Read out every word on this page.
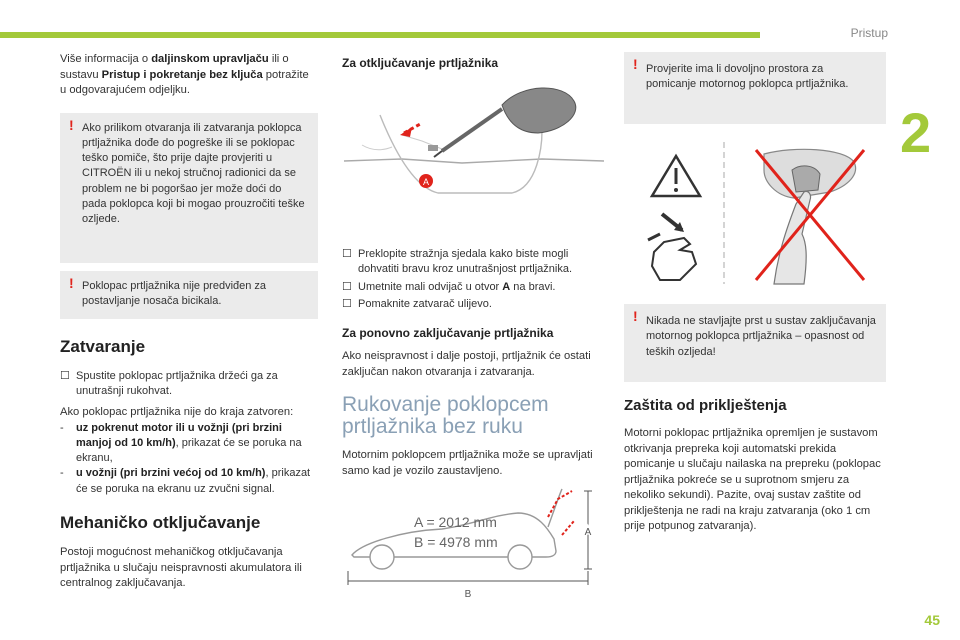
Pristup
2
45

Više informacija o daljinskom upravljaču ili o sustavu Pristup i pokretanje bez ključa potražite u odgovarajućem odjeljku.

! Ako prilikom otvaranja ili zatvaranja poklopca prtljažnika dođe do pogreške ili se poklopac teško pomiče, što prije dajte provjeriti u CITROËN ili u nekoj stručnoj radionici da se problem ne bi pogoršao jer može doći do pada poklopca koji bi mogao prouzročiti teške ozljede.
! Poklopac prtljažnika nije predviđen za postavljanje nosača bicikala.
Zatvaranje
☐ Spustite poklopac prtljažnika držeći ga za unutrašnji rukohvat.

Ako poklopac prtljažnika nije do kraja zatvoren:

- uz pokrenut motor ili u vožnji (pri brzini manjoj od 10 km/h), prikazat će se poruka na ekranu,
- u vožnji (pri brzini većoj od 10 km/h), prikazat će se poruka na ekranu uz zvučni signal.
Mehaničko otključavanje

Postoji mogućnost mehaničkog otključavanja prtljažnika u slučaju neispravnosti akumulatora ili centralnog zaključavanja.

Za otključavanje prtljažnika
A
☐ Preklopite stražnja sjedala kako biste mogli dohvatiti bravu kroz unutrašnjost prtljažnika.
☐ Umetnite mali odvijač u otvor A na bravi.
☐ Pomaknite zatvarač ulijevo.
Za ponovno zaključavanje prtljažnika

Ako neispravnost i dalje postoji, prtljažnik će ostati zaključan nakon otvaranja i zatvaranja.

Rukovanje poklopcem
prtljažnika bez ruku

Motornim poklopcem prtljažnika može se upravljati samo kad je vozilo zaustavljeno.

A
B
A = 2012 mm
B = 4978 mm
! Provjerite ima li dovoljno prostora za pomicanje motornog poklopca prtljažnika.
! Nikada ne stavljajte prst u sustav zaključavanja motornog poklopca prtljažnika – opasnost od teških ozljeda!
Zaštita od priklještenja

Motorni poklopac prtljažnika opremljen je sustavom otkrivanja prepreka koji automatski prekida pomicanje u slučaju nailaska na prepreku (poklopac prtljažnika pokreće se u suprotnom smjeru za nekoliko sekundi). Pazite, ovaj sustav zaštite od priklještenja ne radi na kraju zatvaranja (oko 1 cm prije potpunog zatvaranja).
